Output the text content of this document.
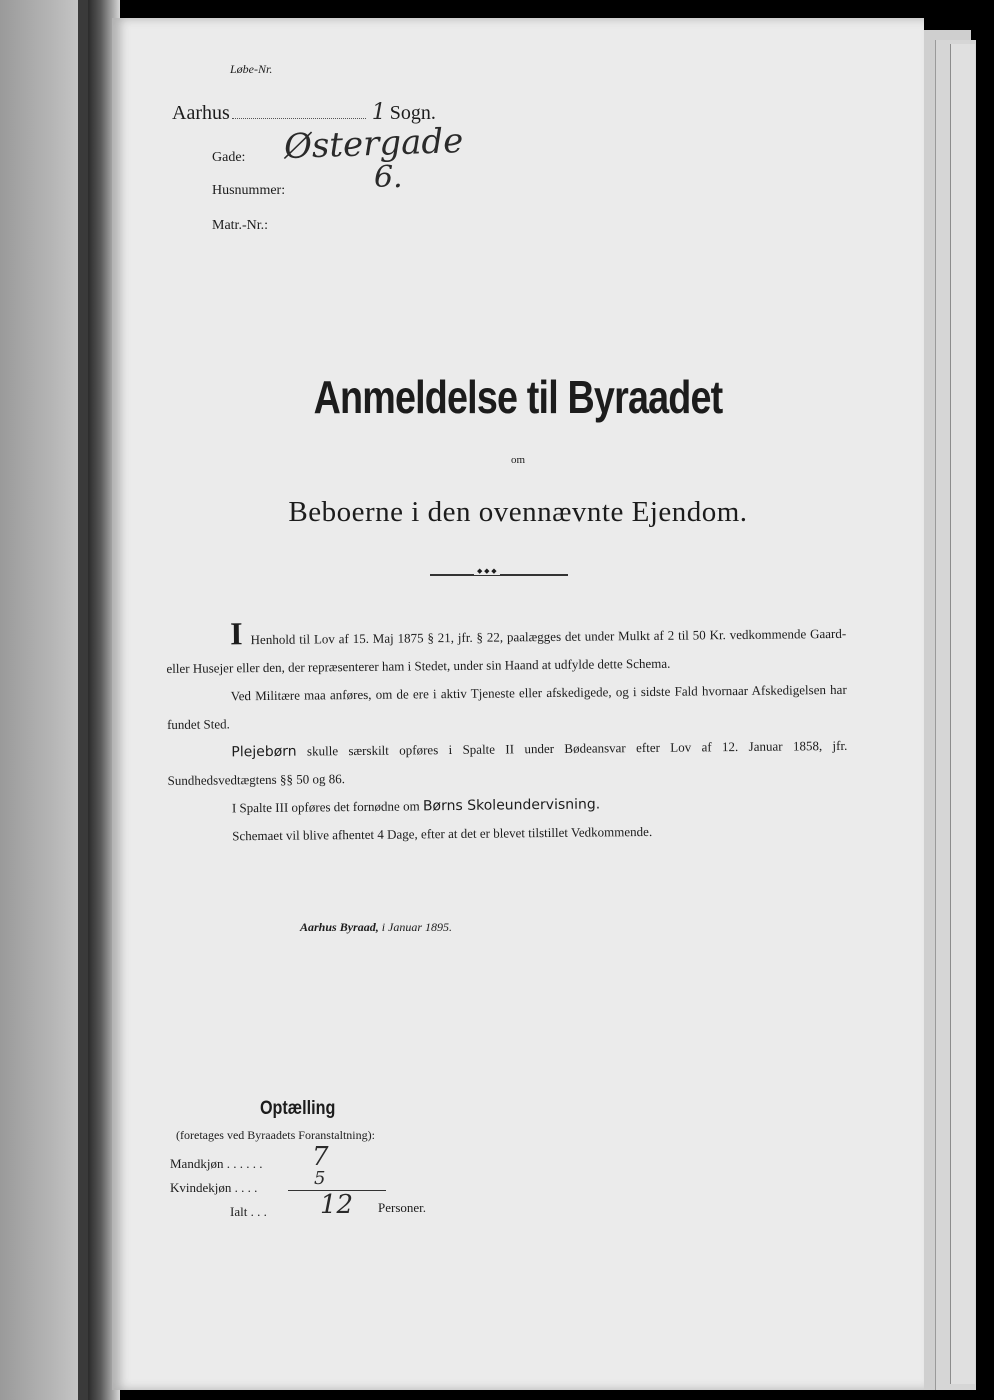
Løbe-Nr.
Aarhus	1 Sogn.
Gade: Østergade
Husnummer:	6.
Matr.-Nr.:
Anmeldelse til Byraadet
om
Beboerne i den ovennævnte Ejendom.
◆ ◆ ◆

I Henhold til Lov af 15. Maj 1875 § 21, jfr. § 22, paalægges det under Mulkt af 2 til 50 Kr. vedkommende Gaard- eller Husejer eller den, der repræsenterer ham i Stedet, under sin Haand at udfylde dette Schema.

Ved Militære maa anføres, om de ere i aktiv Tjeneste eller afskedigede, og i sidste Fald hvornaar Afskedigelsen har fundet Sted.

Plejebørn skulle særskilt opføres i Spalte II under Bødeansvar efter Lov af 12. Januar 1858, jfr. Sundhedsvedtægtens §§ 50 og 86.

I Spalte III opføres det fornødne om Børns Skoleundervisning.

Schemaet vil blive afhentet 4 Dage, efter at det er blevet tilstillet Vedkommende.

Aarhus Byraad, i Januar 1895.
Optælling
(foretages ved Byraadets Foranstaltning):
Mandkjøn . . . . . . 7
Kvindekjøn . . . .	5
Ialt . . . 12 Personer.
